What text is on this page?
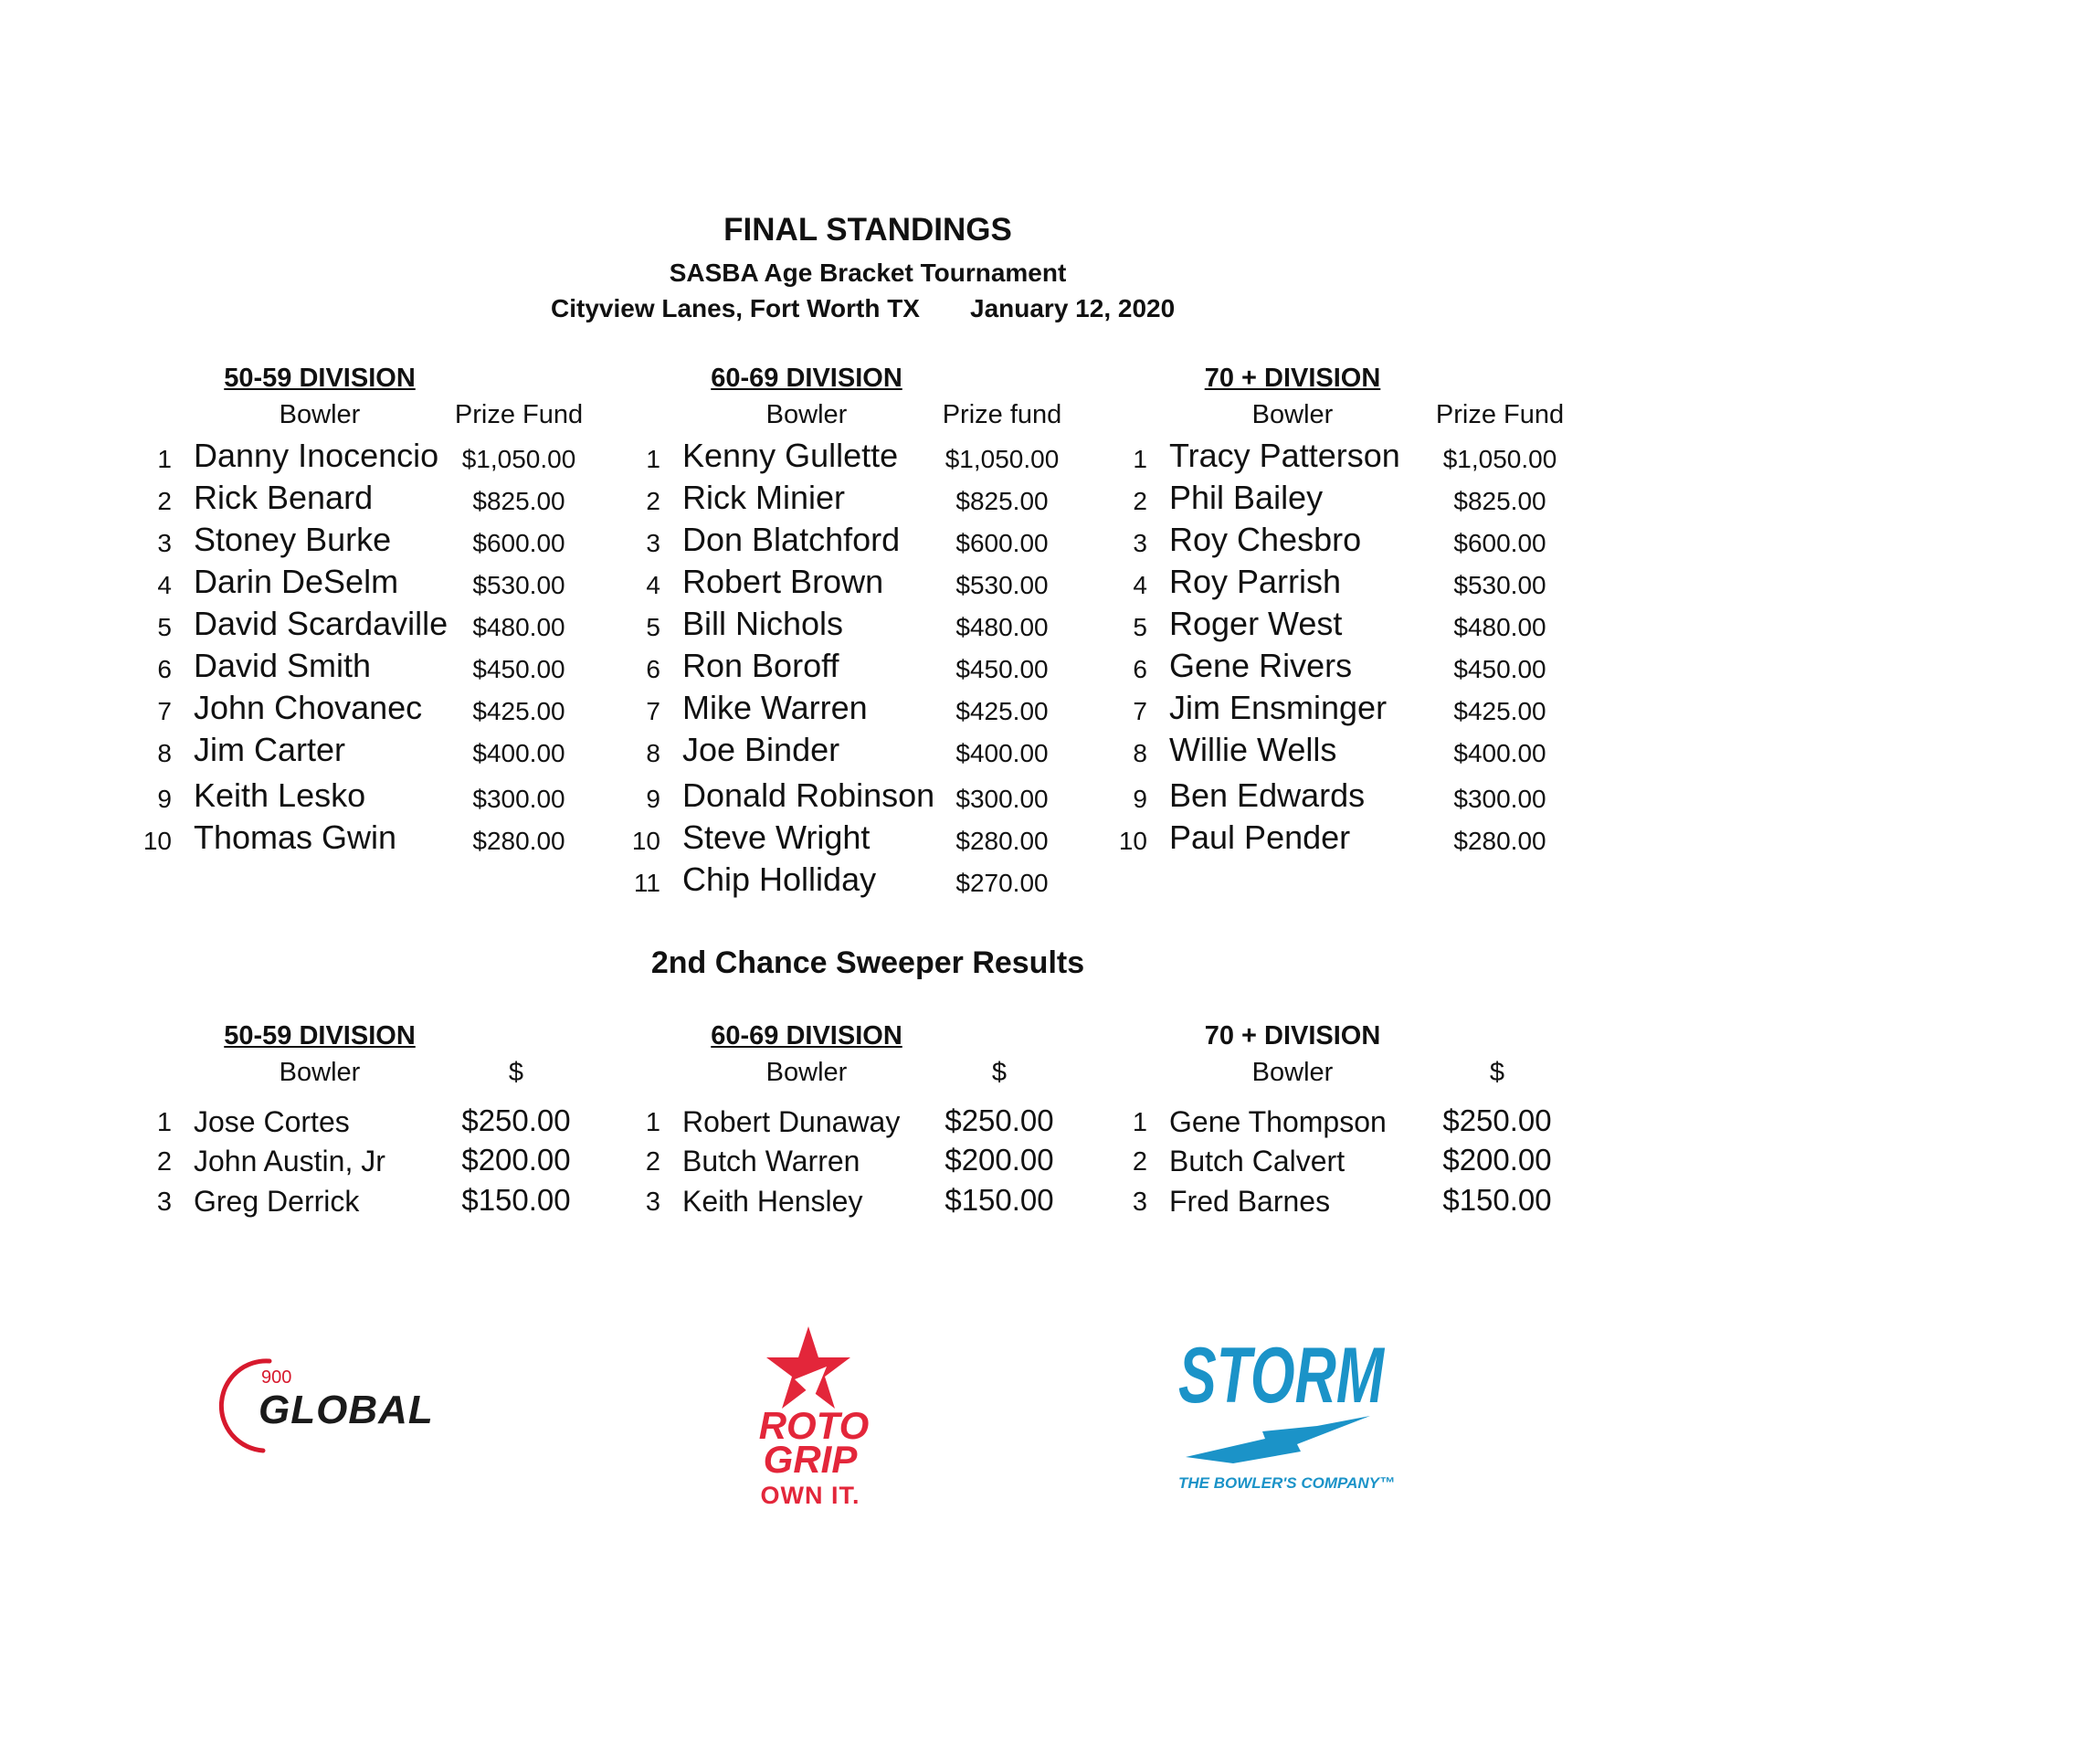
FINAL STANDINGS
SASBA Age Bracket Tournament
Cityview Lanes, Fort Worth TX January 12, 2020
50-59 DIVISION
Bowler	Prize Fund
1 Danny Inocencio $1,050.00
2 Rick Benard	$825.00
3 Stoney Burke	$600.00
4 Darin DeSelm	$530.00
5 David Scardaville $480.00
6 David Smith	$450.00
7 John Chovanec $425.00
8 Jim Carter	$400.00
9 Keith Lesko	$300.00
10 Thomas Gwin	$280.00
60-69 DIVISION
Bowler	Prize fund
1 Kenny Gullette $1,050.00
2 Rick Minier	$825.00
3 Don Blatchford $600.00
4 Robert Brown	$530.00
5 Bill Nichols	$480.00
6 Ron Boroff	$450.00
7 Mike Warren	$425.00
8 Joe Binder	$400.00
9 Donald Robinson $300.00
10 Steve Wright	$280.00
11 Chip Holliday	$270.00
70 + DIVISION
Bowler	Prize Fund
1 Tracy Patterson $1,050.00
2 Phil Bailey	$825.00
3 Roy Chesbro	$600.00
4 Roy Parrish	$530.00
5 Roger West	$480.00
6 Gene Rivers	$450.00
7 Jim Ensminger	$425.00
8 Willie Wells	$400.00
9 Ben Edwards	$300.00
10 Paul Pender	$280.00
2nd Chance Sweeper Results
50-59 DIVISION
Bowler	$
1 Jose Cortes	$250.00
2 John Austin, Jr	$200.00
3 Greg Derrick	$150.00
60-69 DIVISION
Bowler	$
1 Robert Dunaway $250.00
2 Butch Warren	$200.00
3 Keith Hensley	$150.00
70 + DIVISION
Bowler	$
1 Gene Thompson $250.00
2 Butch Calvert	$200.00
3 Fred Barnes	$150.00
900
GLOBAL	ROTO
GRIP
OWN IT.
STORM
THE BOWLER'S COMPANY™
